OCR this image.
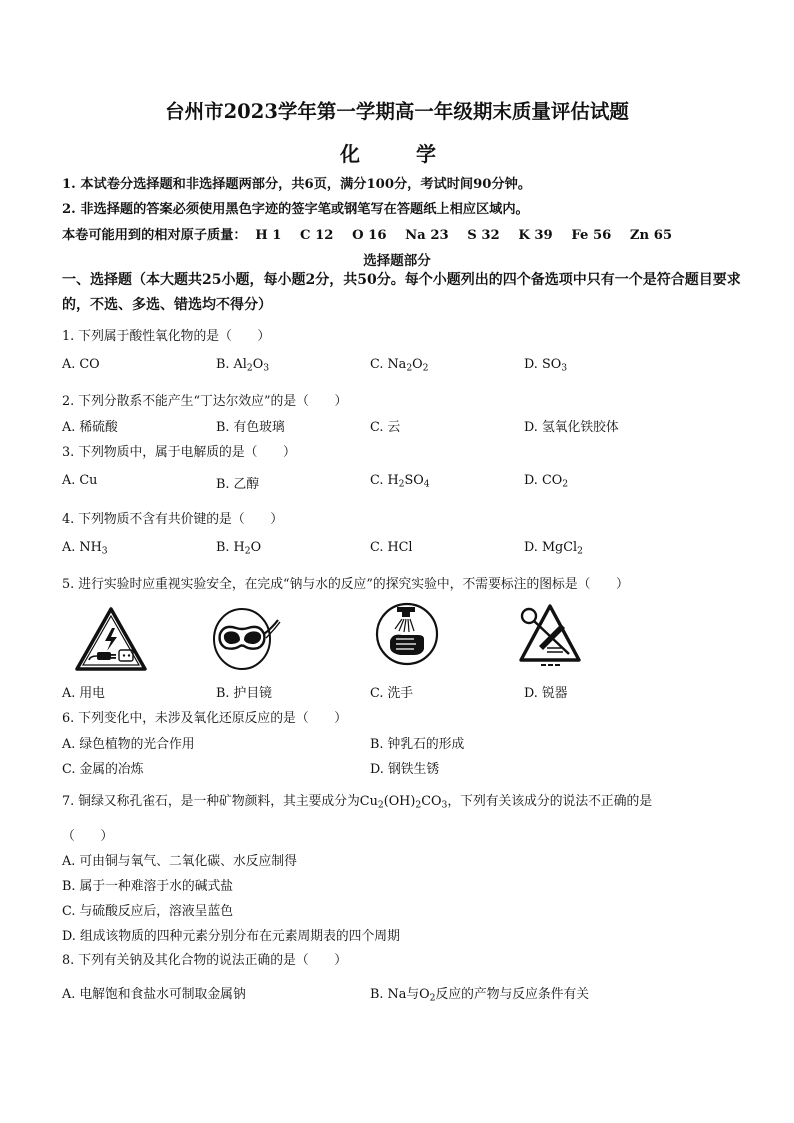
台州市2023学年第一学期高一年级期末质量评估试题
化　学
1. 本试卷分选择题和非选择题两部分，共6页，满分100分，考试时间90分钟。
2. 非选择题的答案必须使用黑色字迹的签字笔或钢笔写在答题纸上相应区域内。
本卷可能用到的相对原子质量： H 1 C 12 O 16 Na 23 S 32 K 39 Fe 56 Zn 65
选择题部分
一、选择题（本大题共25小题，每小题2分，共50分。每个小题列出的四个备选项中只有一个是符合题目要求的，不选、多选、错选均不得分）
1. 下列属于酸性氧化物的是（　　）
A. CO	B. $Al_2O_3$	C. $Na_2O_2$	D. $SO_3$
2. 下列分散系不能产生“丁达尔效应”的是（　　）
A. 稀硫酸	B. 有色玻璃	C. 云	D. 氢氧化铁胶体
3. 下列物质中，属于电解质的是（　　）
A. Cu	B. 乙醇	C. $H_2SO_4$	D. $CO_2$
4. 下列物质不含有共价键的是（　　）
A. $NH_3$	B. $H_2O$	C. HCl	D. MgCl$_2$
5. 进行实验时应重视实验安全，在完成“钠与水的反应”的探究实验中，不需要标注的图标是（　　）
A. 用电	B. 护目镜	C. 洗手	D. 锐器
6. 下列变化中，未涉及氧化还原反应的是（　　）
A. 绿色植物的光合作用	B. 钟乳石的形成
C. 金属的冶炼	D. 钢铁生锈
7. 铜绿又称孔雀石，是一种矿物颜料，其主要成分为$Cu_2(OH)_2CO_3$，下列有关该成分的说法不正确的是
（　　）
A. 可由铜与氧气、二氧化碳、水反应制得
B. 属于一种难溶于水的碱式盐
C. 与硫酸反应后，溶液呈蓝色
D. 组成该物质的四种元素分别分布在元素周期表的四个周期
8. 下列有关钠及其化合物的说法正确的是（　　）
A. 电解饱和食盐水可制取金属钠	B. Na与$O_2$反应的产物与反应条件有关
